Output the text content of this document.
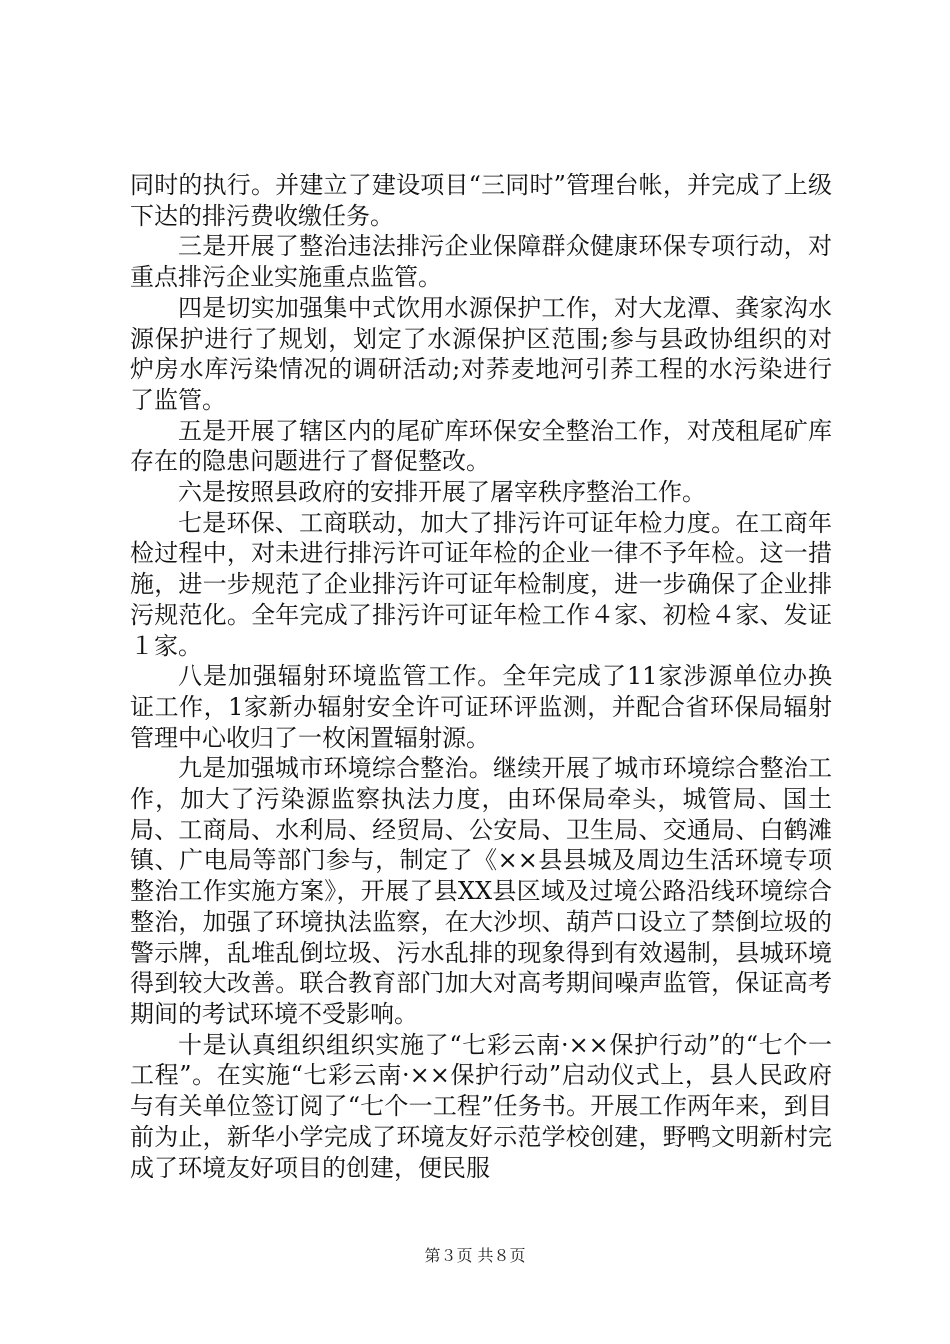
同时的执行。并建立了建设项目“三同时”管理台帐，并完成了上级下达的排污费收缴任务。

三是开展了整治违法排污企业保障群众健康环保专项行动，对重点排污企业实施重点监管。

四是切实加强集中式饮用水源保护工作，对大龙潭、龚家沟水源保护进行了规划，划定了水源保护区范围;参与县政协组织的对炉房水库污染情况的调研活动;对荞麦地河引荞工程的水污染进行了监管。

五是开展了辖区内的尾矿库环保安全整治工作，对茂租尾矿库存在的隐患问题进行了督促整改。

六是按照县政府的安排开展了屠宰秩序整治工作。

七是环保、工商联动，加大了排污许可证年检力度。在工商年检过程中，对未进行排污许可证年检的企业一律不予年检。这一措施，进一步规范了企业排污许可证年检制度，进一步确保了企业排污规范化。全年完成了排污许可证年检工作４家、初检４家、发证１家。

八是加强辐射环境监管工作。全年完成了11家涉源单位办换证工作，1家新办辐射安全许可证环评监测，并配合省环保局辐射管理中心收归了一枚闲置辐射源。

九是加强城市环境综合整治。继续开展了城市环境综合整治工作，加大了污染源监察执法力度，由环保局牵头，城管局、国土局、工商局、水利局、经贸局、公安局、卫生局、交通局、白鹤滩镇、广电局等部门参与，制定了《××县县城及周边生活环境专项整治工作实施方案》，开展了县XX县区域及过境公路沿线环境综合整治，加强了环境执法监察，在大沙坝、葫芦口设立了禁倒垃圾的警示牌，乱堆乱倒垃圾、污水乱排的现象得到有效遏制，县城环境得到较大改善。联合教育部门加大对高考期间噪声监管，保证高考期间的考试环境不受影响。

十是认真组织组织实施了“七彩云南·××保护行动”的“七个一工程”。在实施“七彩云南·××保护行动”启动仪式上，县人民政府与有关单位签订阅了“七个一工程”任务书。开展工作两年来，到目前为止，新华小学完成了环境友好示范学校创建，野鸭文明新村完成了环境友好项目的创建，便民服

第３页 共８页
